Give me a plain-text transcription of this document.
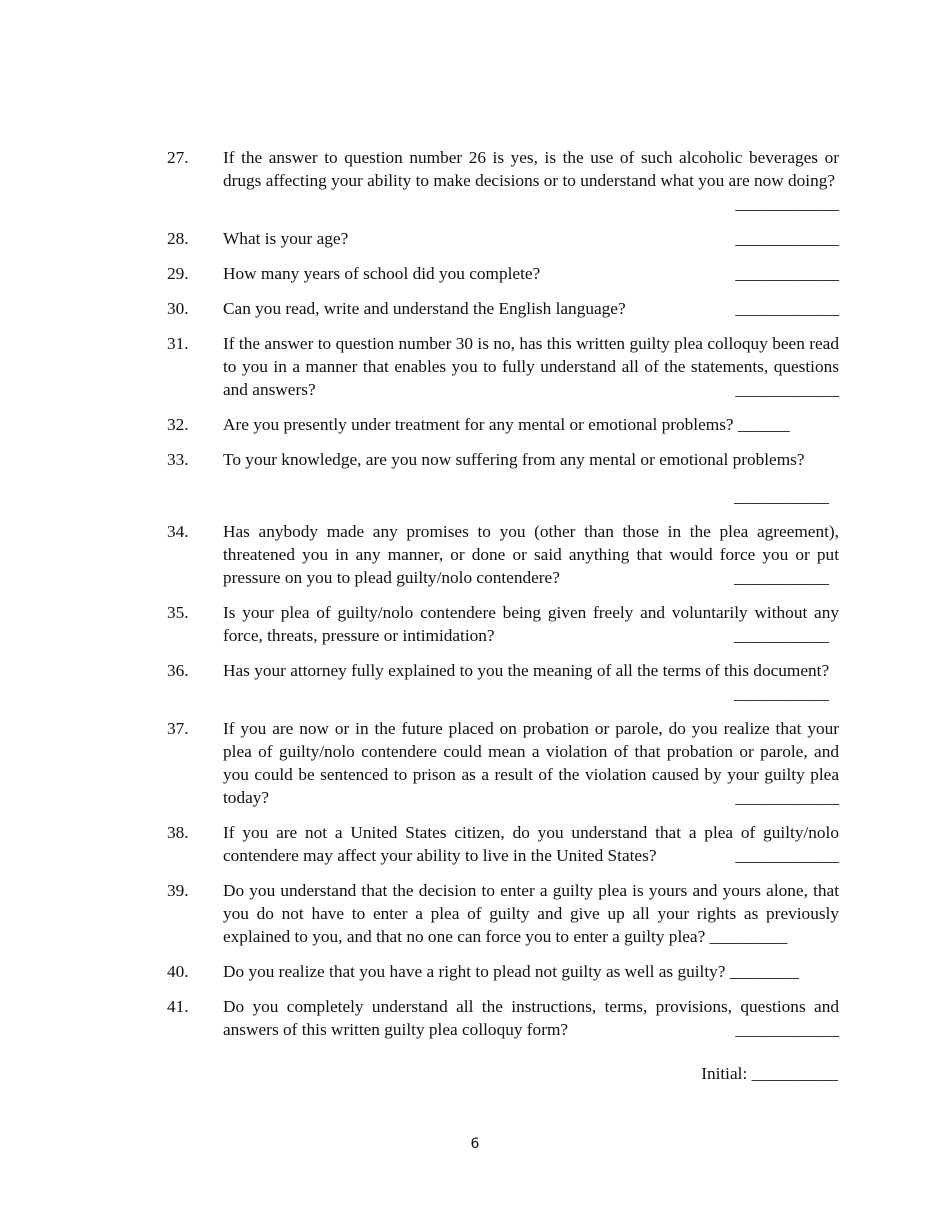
27.	If the answer to question number 26 is yes, is the use of such alcoholic beverages or drugs affecting your ability to make decisions or to understand what you are now doing?
____________
28.	____________
What is your age?
29.	____________
How many years of school did you complete?
30.	____________
Can you read, write and understand the English language?
31.	If the answer to question number 30 is no, has this written guilty plea colloquy been read to you in a manner that enables you to fully understand all of the statements, questions and answers?	____________
32.	Are you presently under treatment for any mental or emotional problems? ______
33.	To your knowledge, are you now suffering from any mental or emotional problems?
___________
34.	Has anybody made any promises to you (other than those in the plea agreement), threatened you in any manner, or done or said anything that would force you or put pressure on you to plead guilty/nolo contendere?	___________
35.	Is your plea of guilty/nolo contendere being given freely and voluntarily without any force, threats, pressure or intimidation?	___________
36.	Has your attorney fully explained to you the meaning of all the terms of this document?
___________
37.	If you are now or in the future placed on probation or parole, do you realize that your plea of guilty/nolo contendere could mean a violation of that probation or parole, and you could be sentenced to prison as a result of the violation caused by your guilty plea today?	____________
38.	If you are not a United States citizen, do you understand that a plea of guilty/nolo contendere may affect your ability to live in the United States?	____________
39.	Do you understand that the decision to enter a guilty plea is yours and yours alone, that you do not have to enter a plea of guilty and give up all your rights as previously explained to you, and that no one can force you to enter a guilty plea? _________
40.	Do you realize that you have a right to plead not guilty as well as guilty? ________
41.	Do you completely understand all the instructions, terms, provisions, questions and answers of this written guilty plea colloquy form?	____________
Initial: __________
6
